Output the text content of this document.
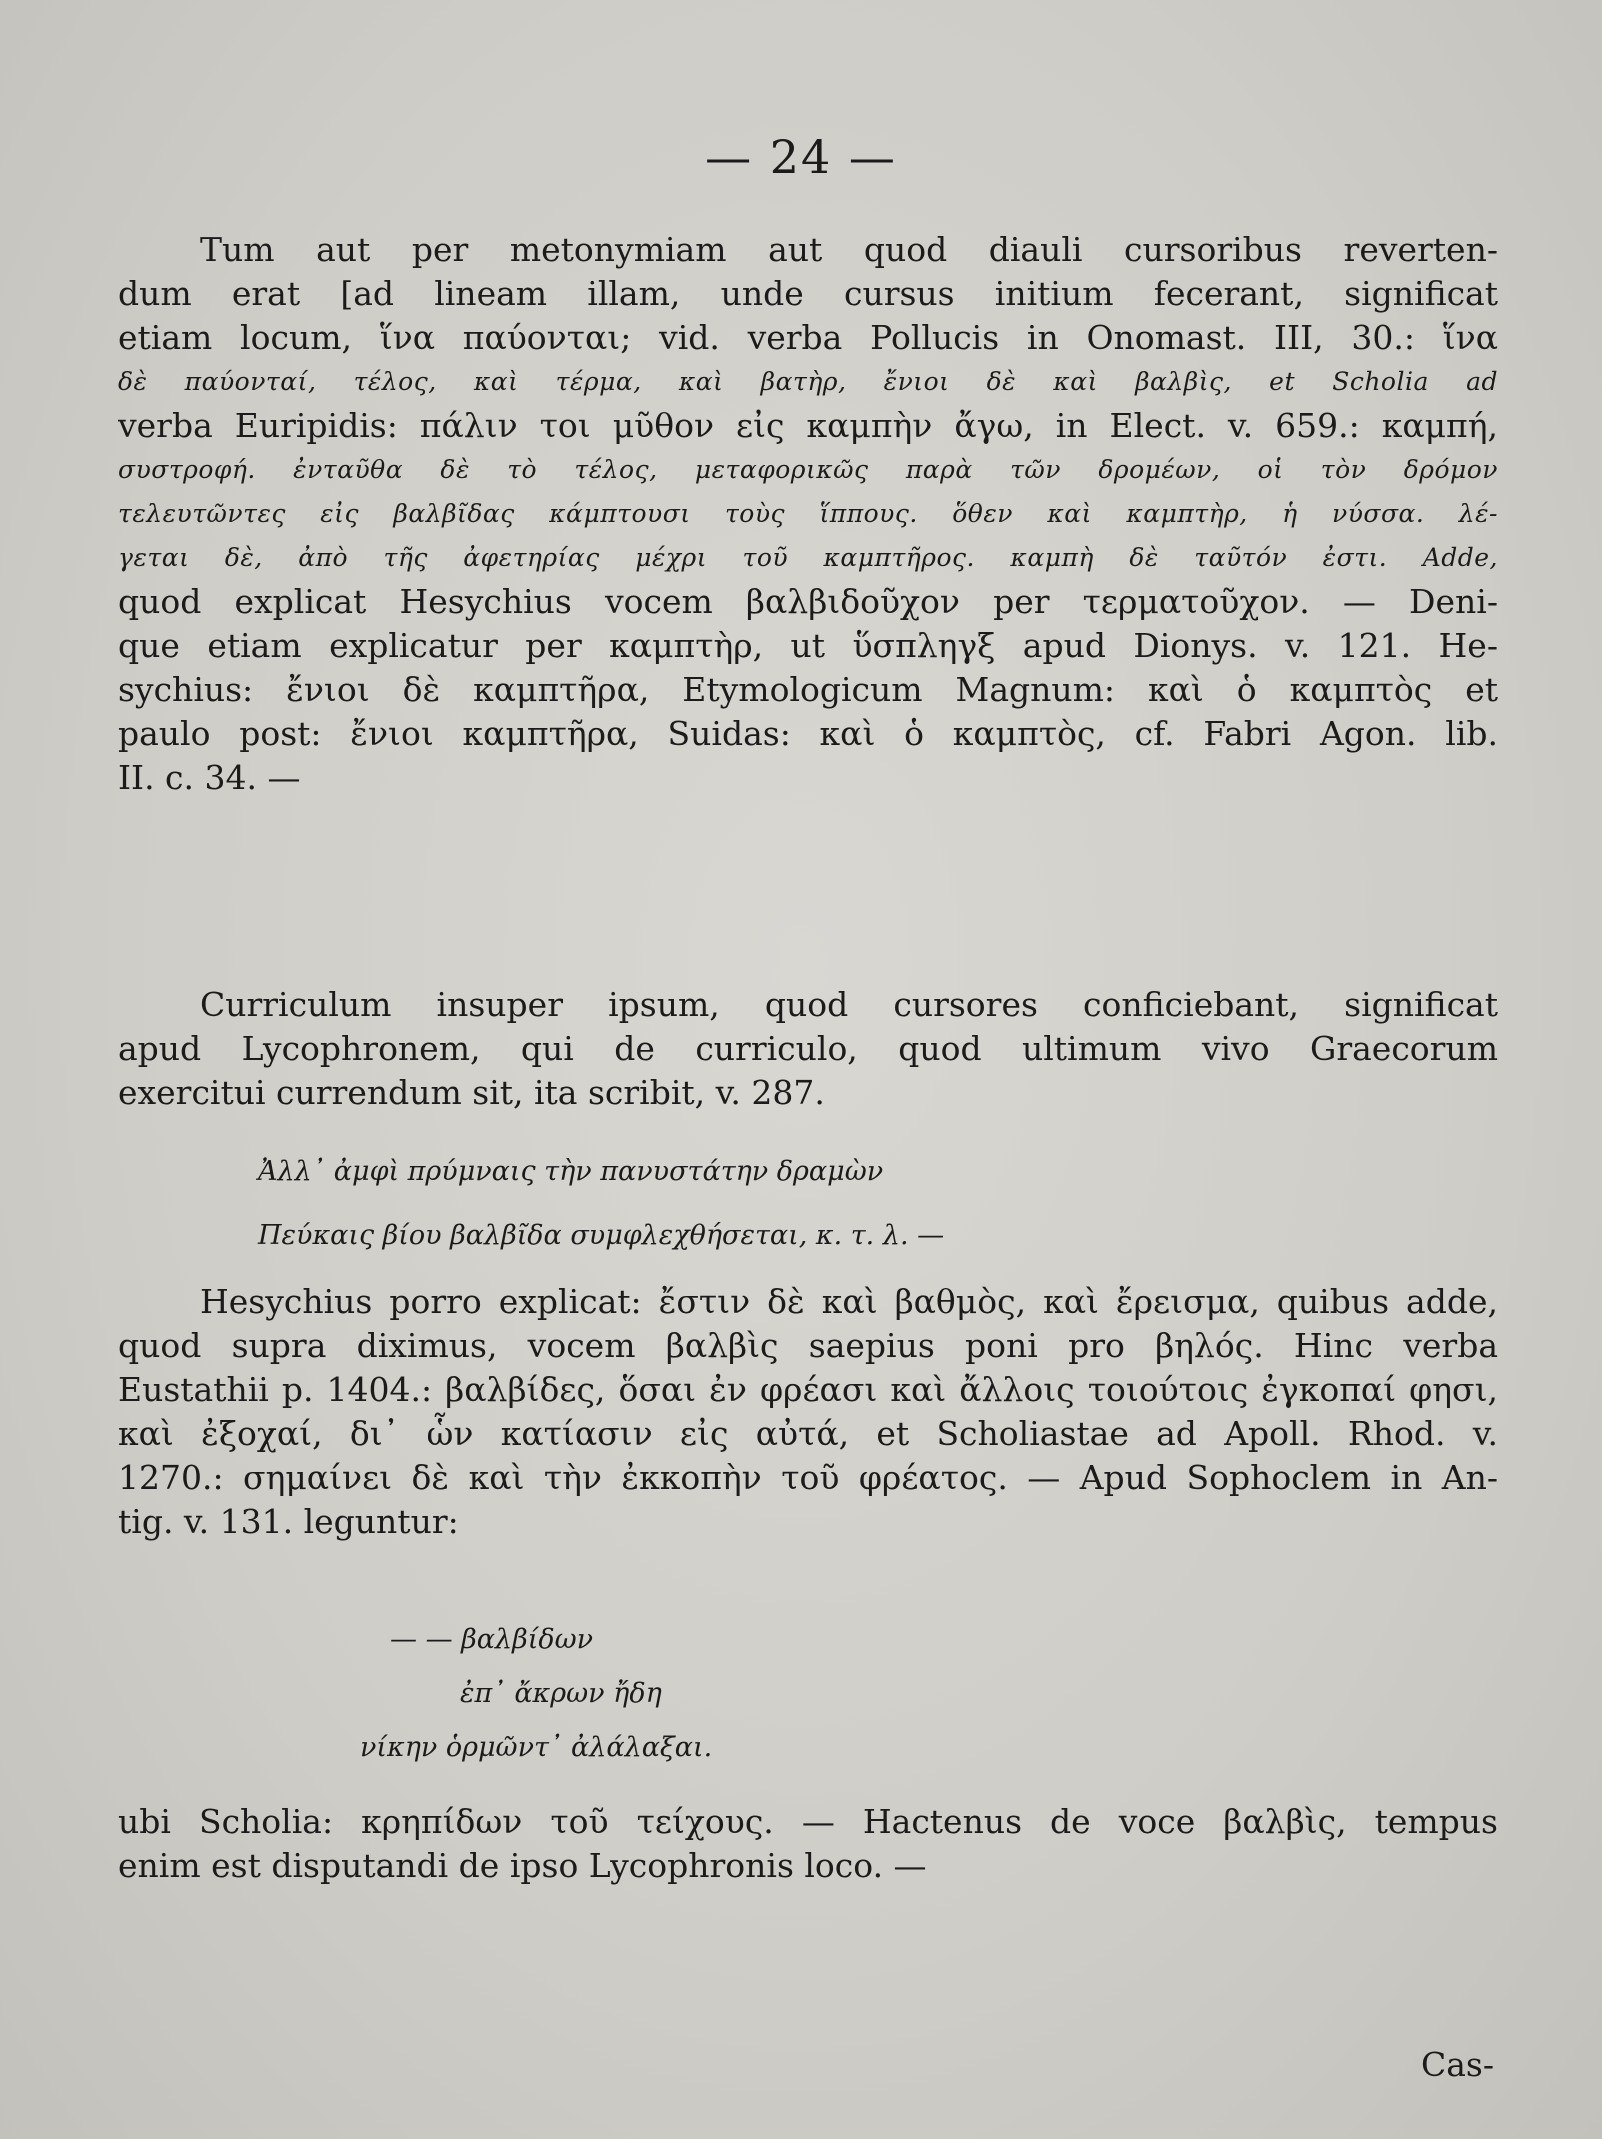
— 24 —
Tum aut per metonymiam aut quod diauli cursoribus reverten-
dum erat [ad lineam illam, unde cursus initium fecerant, significat
etiam locum, ἵνα παύονται; vid. verba Pollucis in Onomast. III, 30.: ἵνα
δὲ παύονταί, τέλος, καὶ τέρμα, καὶ βατὴρ, ἔνιοι δὲ καὶ βαλβὶς, et Scholia ad
verba Euripidis: πάλιν τοι μῦθον εἰς καμπὴν ἄγω, in Elect. v. 659.: καμπή,
συστροφή. ἐνταῦθα δὲ τὸ τέλος, μεταφορικῶς παρὰ τῶν δρομέων, οἱ τὸν δρόμον
τελευτῶντες εἰς βαλβῖδας κάμπτουσι τοὺς ἵππους. ὅθεν καὶ καμπτὴρ, ἡ νύσσα. λέ-
γεται δὲ, ἀπὸ τῆς ἀφετηρίας μέχρι τοῦ καμπτῆρος. καμπὴ δὲ ταῦτόν ἐστι. Adde,
quod explicat Hesychius vocem βαλβιδοῦχον per τερματοῦχον. — Deni-
que etiam explicatur per καμπτὴρ, ut ὕσπληγξ apud Dionys. v. 121. He-
sychius: ἔνιοι δὲ καμπτῆρα, Etymologicum Magnum: καὶ ὁ καμπτὸς et
paulo post: ἔνιοι καμπτῆρα, Suidas: καὶ ὁ καμπτὸς, cf. Fabri Agon. lib.
II. c. 34. —
Curriculum insuper ipsum, quod cursores conficiebant, significat
apud Lycophronem, qui de curriculo, quod ultimum vivo Graecorum
exercitui currendum sit, ita scribit, v. 287.
Ἀλλ᾽ ἀμφὶ πρύμναις τὴν πανυστάτην δραμὼν
Πεύκαις βίου βαλβῖδα συμφλεχθήσεται, κ. τ. λ. —
Hesychius porro explicat: ἔστιν δὲ καὶ βαθμὸς, καὶ ἔρεισμα, quibus adde,
quod supra diximus, vocem βαλβὶς saepius poni pro βηλός. Hinc verba
Eustathii p. 1404.: βαλβίδες, ὅσαι ἐν φρέασι καὶ ἄλλοις τοιούτοις ἐγκοπαί φησι,
καὶ ἐξοχαί, δι᾽ ὧν κατίασιν εἰς αὐτά, et Scholiastae ad Apoll. Rhod. v.
1270.: σημαίνει δὲ καὶ τὴν ἐκκοπὴν τοῦ φρέατος. — Apud Sophoclem in An-
tig. v. 131. leguntur:
— — βαλβίδων
ἐπ᾽ ἄκρων ἤδη
νίκην ὁρμῶντ᾽ ἀλάλαξαι.
ubi Scholia: κρηπίδων τοῦ τείχους. — Hactenus de voce βαλβὶς, tempus
enim est disputandi de ipso Lycophronis loco. —
Cas-
